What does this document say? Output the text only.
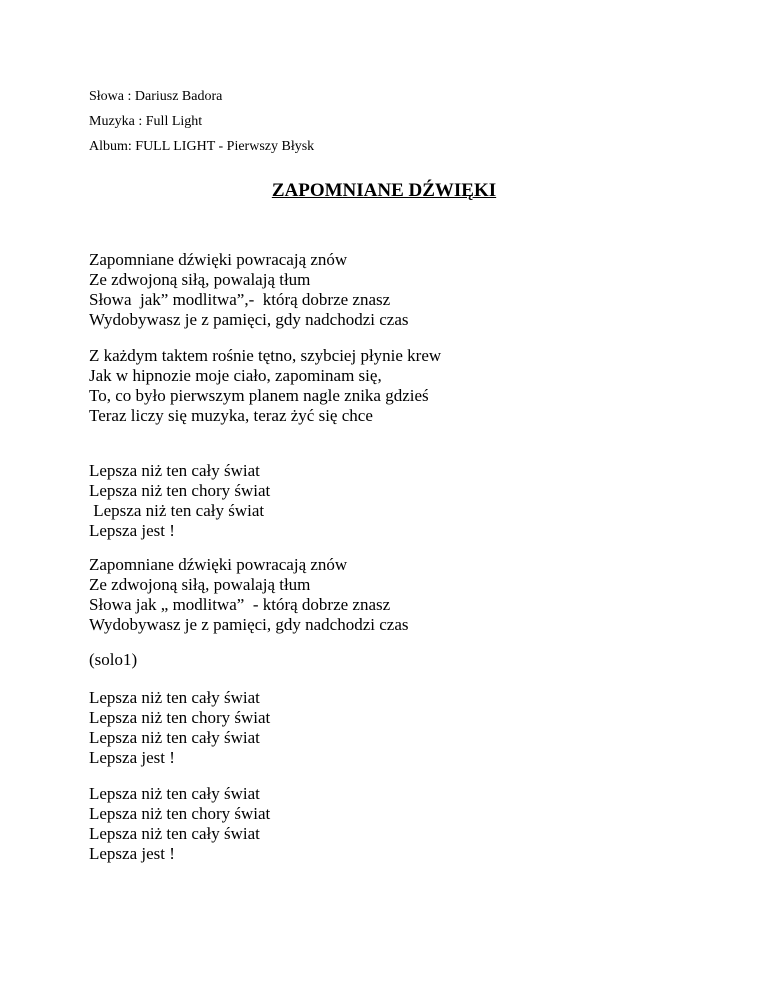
Słowa : Dariusz Badora
Muzyka : Full Light
Album: FULL LIGHT - Pierwszy Błysk
ZAPOMNIANE DŹWIĘKI
Zapomniane dźwięki powracają znów
Ze zdwojoną siłą, powalają tłum
Słowa  jak” modlitwa”,-  którą dobrze znasz
Wydobywasz je z pamięci, gdy nadchodzi czas
Z każdym taktem rośnie tętno, szybciej płynie krew
Jak w hipnozie moje ciało, zapominam się,
To, co było pierwszym planem nagle znika gdzieś
Teraz liczy się muzyka, teraz żyć się chce
Lepsza niż ten cały świat
Lepsza niż ten chory świat
Lepsza niż ten cały świat
Lepsza jest !
Zapomniane dźwięki powracają znów
Ze zdwojoną siłą, powalają tłum
Słowa jak „ modlitwa”  - którą dobrze znasz
Wydobywasz je z pamięci, gdy nadchodzi czas
(solo1)
Lepsza niż ten cały świat
Lepsza niż ten chory świat
Lepsza niż ten cały świat
Lepsza jest !
Lepsza niż ten cały świat
Lepsza niż ten chory świat
Lepsza niż ten cały świat
Lepsza jest !
